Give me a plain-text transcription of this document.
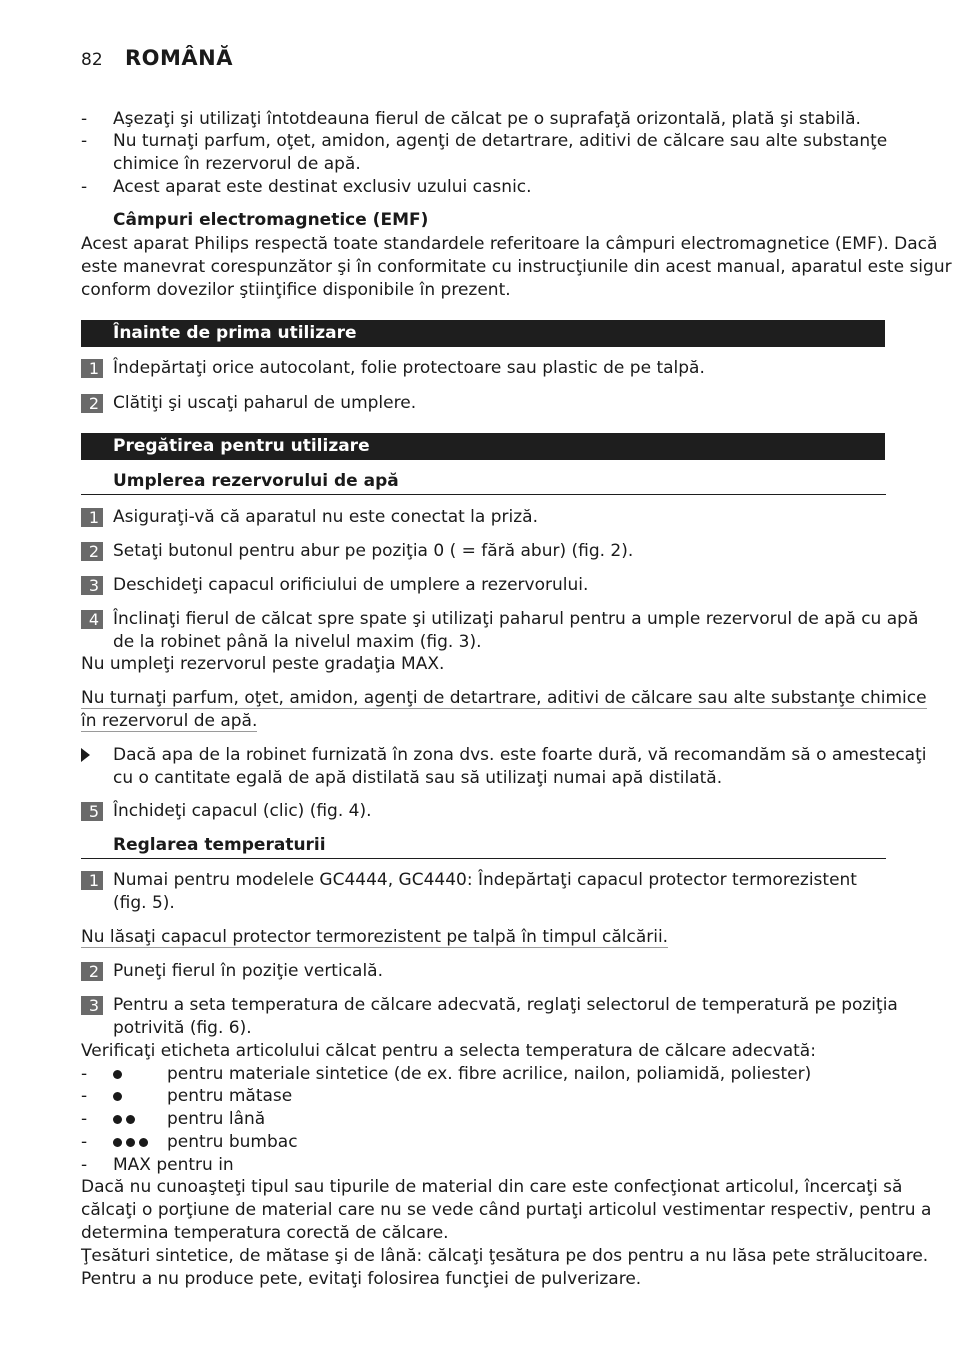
82 ROMÂNĂ
- Aşezaţi şi utilizaţi întotdeauna fierul de călcat pe o suprafaţă orizontală, plată şi stabilă.
- Nu turnaţi parfum, oţet, amidon, agenţi de detartrare, aditivi de călcare sau alte substanţe
chimice în rezervorul de apă.
- Acest aparat este destinat exclusiv uzului casnic.
Câmpuri electromagnetice (EMF)
Acest aparat Philips respectă toate standardele referitoare la câmpuri electromagnetice (EMF). Dacă
este manevrat corespunzător şi în conformitate cu instrucţiunile din acest manual, aparatul este sigur
conform dovezilor ştiinţifice disponibile în prezent.
Înainte de prima utilizare
1 Îndepărtaţi orice autocolant, folie protectoare sau plastic de pe talpă.
2 Clătiţi şi uscaţi paharul de umplere.
Pregătirea pentru utilizare
Umplerea rezervorului de apă
1 Asiguraţi-vă că aparatul nu este conectat la priză.
2 Setaţi butonul pentru abur pe poziţia 0 ( = fără abur) (fig. 2).
3 Deschideţi capacul orificiului de umplere a rezervorului.
4 Înclinaţi fierul de călcat spre spate şi utilizaţi paharul pentru a umple rezervorul de apă cu apă
de la robinet până la nivelul maxim (fig. 3).
Nu umpleţi rezervorul peste gradaţia MAX.
Nu turnaţi parfum, oţet, amidon, agenţi de detartrare, aditivi de călcare sau alte substanţe chimice
în rezervorul de apă.
Dacă apa de la robinet furnizată în zona dvs. este foarte dură, vă recomandăm să o amestecaţi
cu o cantitate egală de apă distilată sau să utilizaţi numai apă distilată.
5 Închideţi capacul (clic) (fig. 4).
Reglarea temperaturii
1 Numai pentru modelele GC4444, GC4440: Îndepărtaţi capacul protector termorezistent
(fig. 5).
Nu lăsaţi capacul protector termorezistent pe talpă în timpul călcării.
2 Puneţi fierul în poziţie verticală.
3 Pentru a seta temperatura de călcare adecvată, reglaţi selectorul de temperatură pe poziţia
potrivită (fig. 6).
Verificaţi eticheta articolului călcat pentru a selecta temperatura de călcare adecvată:
-	pentru materiale sintetice (de ex. fibre acrilice, nailon, poliamidă, poliester)
-	pentru mătase
-	pentru lână
-	pentru bumbac
- MAX pentru in
Dacă nu cunoaşteţi tipul sau tipurile de material din care este confecţionat articolul, încercaţi să
călcaţi o porţiune de material care nu se vede când purtaţi articolul vestimentar respectiv, pentru a
determina temperatura corectă de călcare.
Ţesături sintetice, de mătase şi de lână: călcaţi ţesătura pe dos pentru a nu lăsa pete strălucitoare.
Pentru a nu produce pete, evitaţi folosirea funcţiei de pulverizare.
